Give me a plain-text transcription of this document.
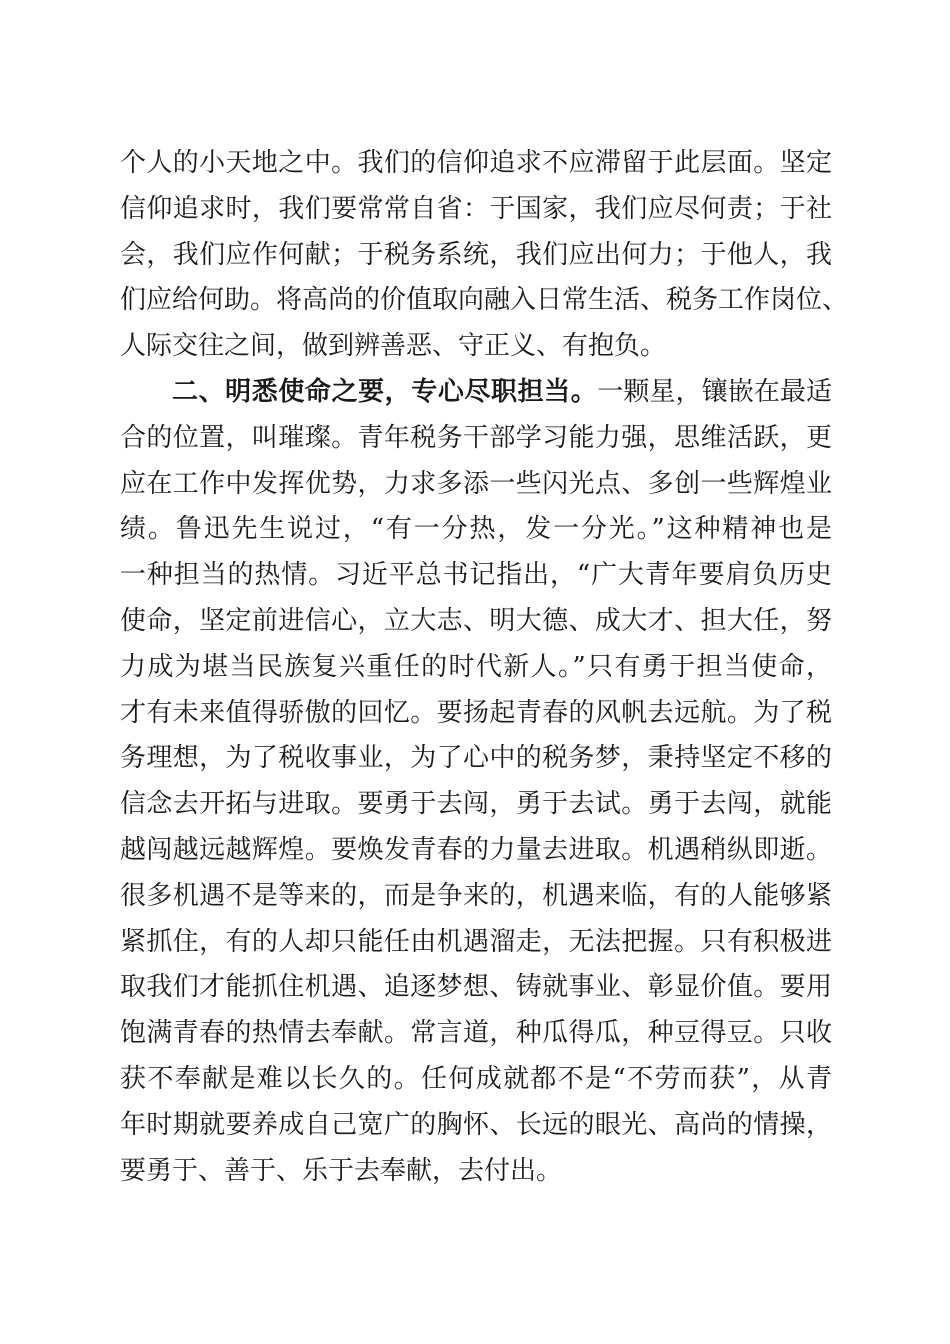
个人的小天地之中。我们的信仰追求不应滞留于此层面。坚定
信仰追求时，我们要常常自省：于国家，我们应尽何责；于社
会，我们应作何献；于税务系统，我们应出何力；于他人，我
们应给何助。将高尚的价值取向融入日常生活、税务工作岗位、
人际交往之间，做到辨善恶、守正义、有抱负。
二、明悉使命之要，专心尽职担当。一颗星，镶嵌在最适
合的位置，叫璀璨。青年税务干部学习能力强，思维活跃，更
应在工作中发挥优势，力求多添一些闪光点、多创一些辉煌业
绩。鲁迅先生说过，“有一分热，发一分光。”这种精神也是
一种担当的热情。习近平总书记指出，“广大青年要肩负历史
使命，坚定前进信心，立大志、明大德、成大才、担大任，努
力成为堪当民族复兴重任的时代新人。”只有勇于担当使命，
才有未来值得骄傲的回忆。要扬起青春的风帆去远航。为了税
务理想，为了税收事业，为了心中的税务梦，秉持坚定不移的
信念去开拓与进取。要勇于去闯，勇于去试。勇于去闯，就能
越闯越远越辉煌。要焕发青春的力量去进取。机遇稍纵即逝。
很多机遇不是等来的，而是争来的，机遇来临，有的人能够紧
紧抓住，有的人却只能任由机遇溜走，无法把握。只有积极进
取我们才能抓住机遇、追逐梦想、铸就事业、彰显价值。要用
饱满青春的热情去奉献。常言道，种瓜得瓜，种豆得豆。只收
获不奉献是难以长久的。任何成就都不是“不劳而获”，从青
年时期就要养成自己宽广的胸怀、长远的眼光、高尚的情操，
要勇于、善于、乐于去奉献，去付出。
